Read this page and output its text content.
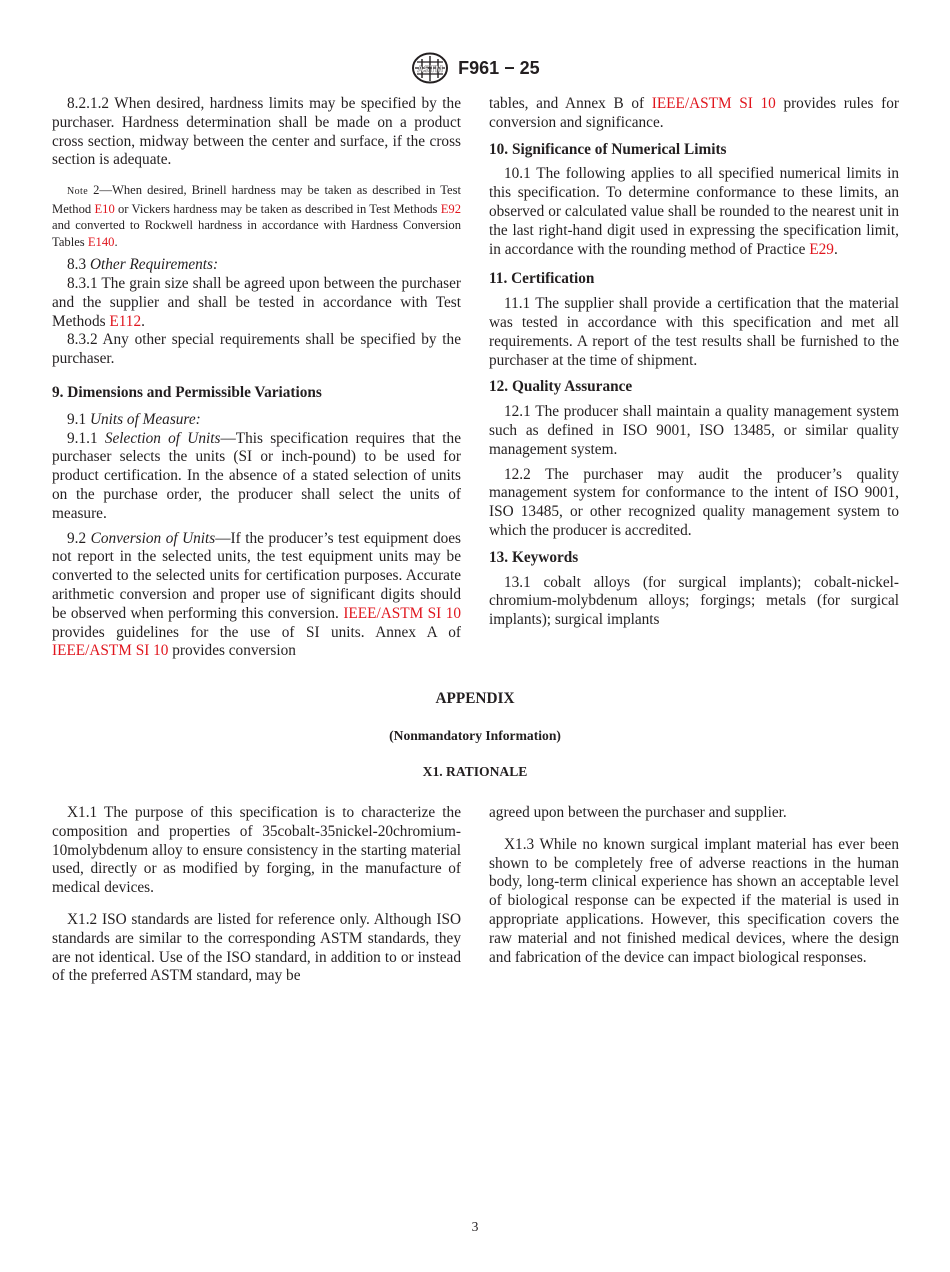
ASTM F961 − 25

8.2.1.2 When desired, hardness limits may be specified by the purchaser. Hardness determination shall be made on a product cross section, midway between the center and surface, if the cross section is adequate.

Note 2—When desired, Brinell hardness may be taken as described in Test Method E10 or Vickers hardness may be taken as described in Test Methods E92 and converted to Rockwell hardness in accordance with Hardness Conversion Tables E140.

8.3 Other Requirements:

8.3.1 The grain size shall be agreed upon between the purchaser and the supplier and shall be tested in accordance with Test Methods E112.

8.3.2 Any other special requirements shall be specified by the purchaser.

9. Dimensions and Permissible Variations

9.1 Units of Measure:

9.1.1 Selection of Units—This specification requires that the purchaser selects the units (SI or inch-pound) to be used for product certification. In the absence of a stated selection of units on the purchase order, the producer shall select the units of measure.

9.2 Conversion of Units—If the producer’s test equipment does not report in the selected units, the test equipment units may be converted to the selected units for certification purposes. Accurate arithmetic conversion and proper use of significant digits should be observed when performing this conversion. IEEE/ASTM SI 10 provides guidelines for the use of SI units. Annex A of IEEE/ASTM SI 10 provides conversion

tables, and Annex B of IEEE/ASTM SI 10 provides rules for conversion and significance.

10. Significance of Numerical Limits

10.1 The following applies to all specified numerical limits in this specification. To determine conformance to these limits, an observed or calculated value shall be rounded to the nearest unit in the last right-hand digit used in expressing the specification limit, in accordance with the rounding method of Practice E29.

11. Certification

11.1 The supplier shall provide a certification that the material was tested in accordance with this specification and met all requirements. A report of the test results shall be furnished to the purchaser at the time of shipment.

12. Quality Assurance

12.1 The producer shall maintain a quality management system such as defined in ISO 9001, ISO 13485, or similar quality management system.

12.2 The purchaser may audit the producer’s quality management system for conformance to the intent of ISO 9001, ISO 13485, or other recognized quality management system to which the producer is accredited.

13. Keywords

13.1 cobalt alloys (for surgical implants); cobalt-nickel-chromium-molybdenum alloys; forgings; metals (for surgical implants); surgical implants

APPENDIX
(Nonmandatory Information)
X1. RATIONALE

X1.1 The purpose of this specification is to characterize the composition and properties of 35cobalt-35nickel-20chromium-10molybdenum alloy to ensure consistency in the starting material used, directly or as modified by forging, in the manufacture of medical devices.

X1.2 ISO standards are listed for reference only. Although ISO standards are similar to the corresponding ASTM standards, they are not identical. Use of the ISO standard, in addition to or instead of the preferred ASTM standard, may be

agreed upon between the purchaser and supplier.

X1.3 While no known surgical implant material has ever been shown to be completely free of adverse reactions in the human body, long-term clinical experience has shown an acceptable level of biological response can be expected if the material is used in appropriate applications. However, this specification covers the raw material and not finished medical devices, where the design and fabrication of the device can impact biological responses.

3
